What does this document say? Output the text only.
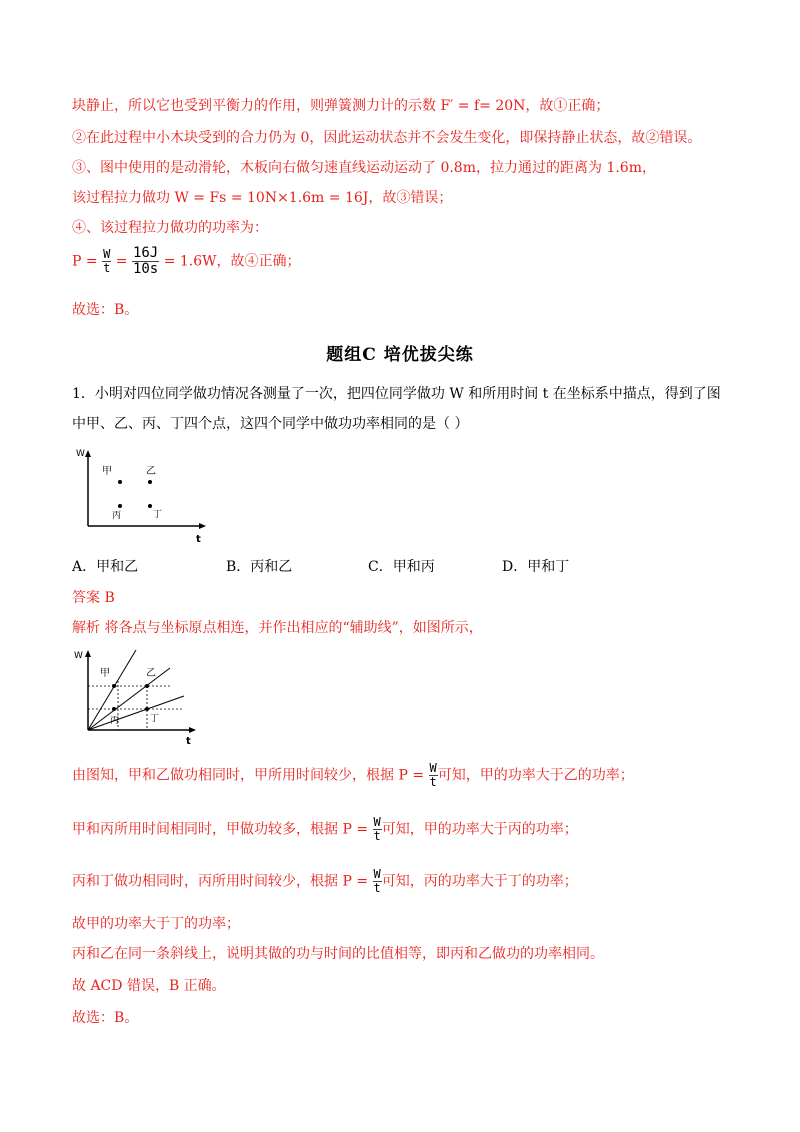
块静止，所以它也受到平衡力的作用，则弹簧测力计的示数 F′ = f= 20N，故①正确；
②在此过程中小木块受到的合力仍为 0，因此运动状态并不会发生变化，即保持静止状态，故②错误。
③、图中使用的是动滑轮，木板向右做匀速直线运动运动了 0.8m，拉力通过的距离为 1.6m，
该过程拉力做功 W = Fs = 10N×1.6m = 16J，故③错误；
④、该过程拉力做功的功率为：
$P = \frac{W}{t} = \frac{16J}{10s} = 1.6W$，故④正确；
故选：B。
题组C 培优拔尖练
1．小明对四位同学做功情况各测量了一次，把四位同学做功 W 和所用时间 t 在坐标系中描点，得到了图
中甲、乙、丙、丁四个点，这四个同学中做功功率相同的是（ ）
W
t
甲	乙
丙	丁
A．甲和乙	B．丙和乙	C．甲和丙	D．甲和丁
答案 B
解析 将各点与坐标原点相连，并作出相应的“辅助线”，如图所示，
W
t
甲	乙
丙	丁
由图知，甲和乙做功相同时，甲所用时间较少，根据 $P = \frac{W}{t}$ 可知，甲的功率大于乙的功率；
甲和丙所用时间相同时，甲做功较多，根据 $P = \frac{W}{t}$ 可知，甲的功率大于丙的功率；
丙和丁做功相同时，丙所用时间较少，根据 $P = \frac{W}{t}$ 可知，丙的功率大于丁的功率；
故甲的功率大于丁的功率；
丙和乙在同一条斜线上，说明其做的功与时间的比值相等，即丙和乙做功的功率相同。
故 ACD 错误，B 正确。
故选：B。
